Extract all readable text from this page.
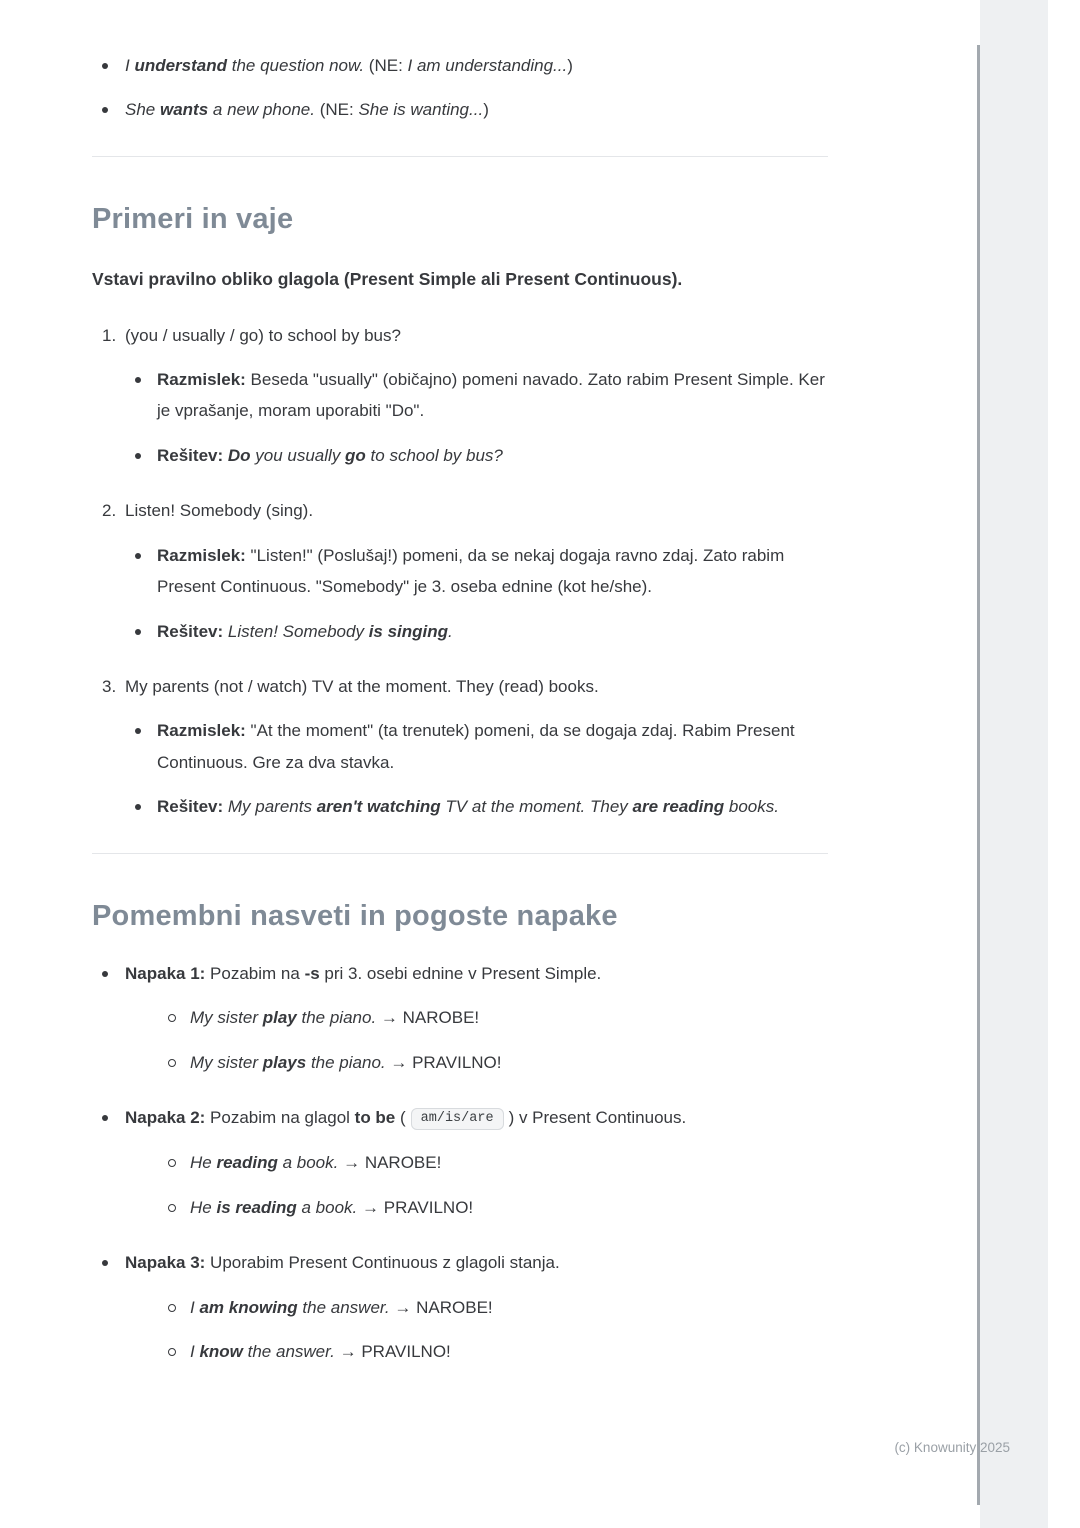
I understand the question now. (NE: I am understanding...)
She wants a new phone. (NE: She is wanting...)
Primeri in vaje

Vstavi pravilno obliko glagola (Present Simple ali Present Continuous).

1. (you / usually / go) to school by bus?
Razmislek: Beseda "usually" (običajno) pomeni navado. Zato rabim Present Simple. Ker je vprašanje, moram uporabiti "Do".
Rešitev: Do you usually go to school by bus?
2. Listen! Somebody (sing).
Razmislek: "Listen!" (Poslušaj!) pomeni, da se nekaj dogaja ravno zdaj. Zato rabim Present Continuous. "Somebody" je 3. oseba ednine (kot he/she).
Rešitev: Listen! Somebody is singing.
3. My parents (not / watch) TV at the moment. They (read) books.
Razmislek: "At the moment" (ta trenutek) pomeni, da se dogaja zdaj. Rabim Present Continuous. Gre za dva stavka.
Rešitev: My parents aren't watching TV at the moment. They are reading books.
Pomembni nasveti in pogoste napake
Napaka 1: Pozabim na -s pri 3. osebi ednine v Present Simple.
My sister play the piano. → NAROBE!
My sister plays the piano. → PRAVILNO!
Napaka 2: Pozabim na glagol to be ( am/is/are ) v Present Continuous.
He reading a book. → NAROBE!
He is reading a book. → PRAVILNO!
Napaka 3: Uporabim Present Continuous z glagoli stanja.
I am knowing the answer. → NAROBE!
I know the answer. → PRAVILNO!
(c) Knowunity 2025
